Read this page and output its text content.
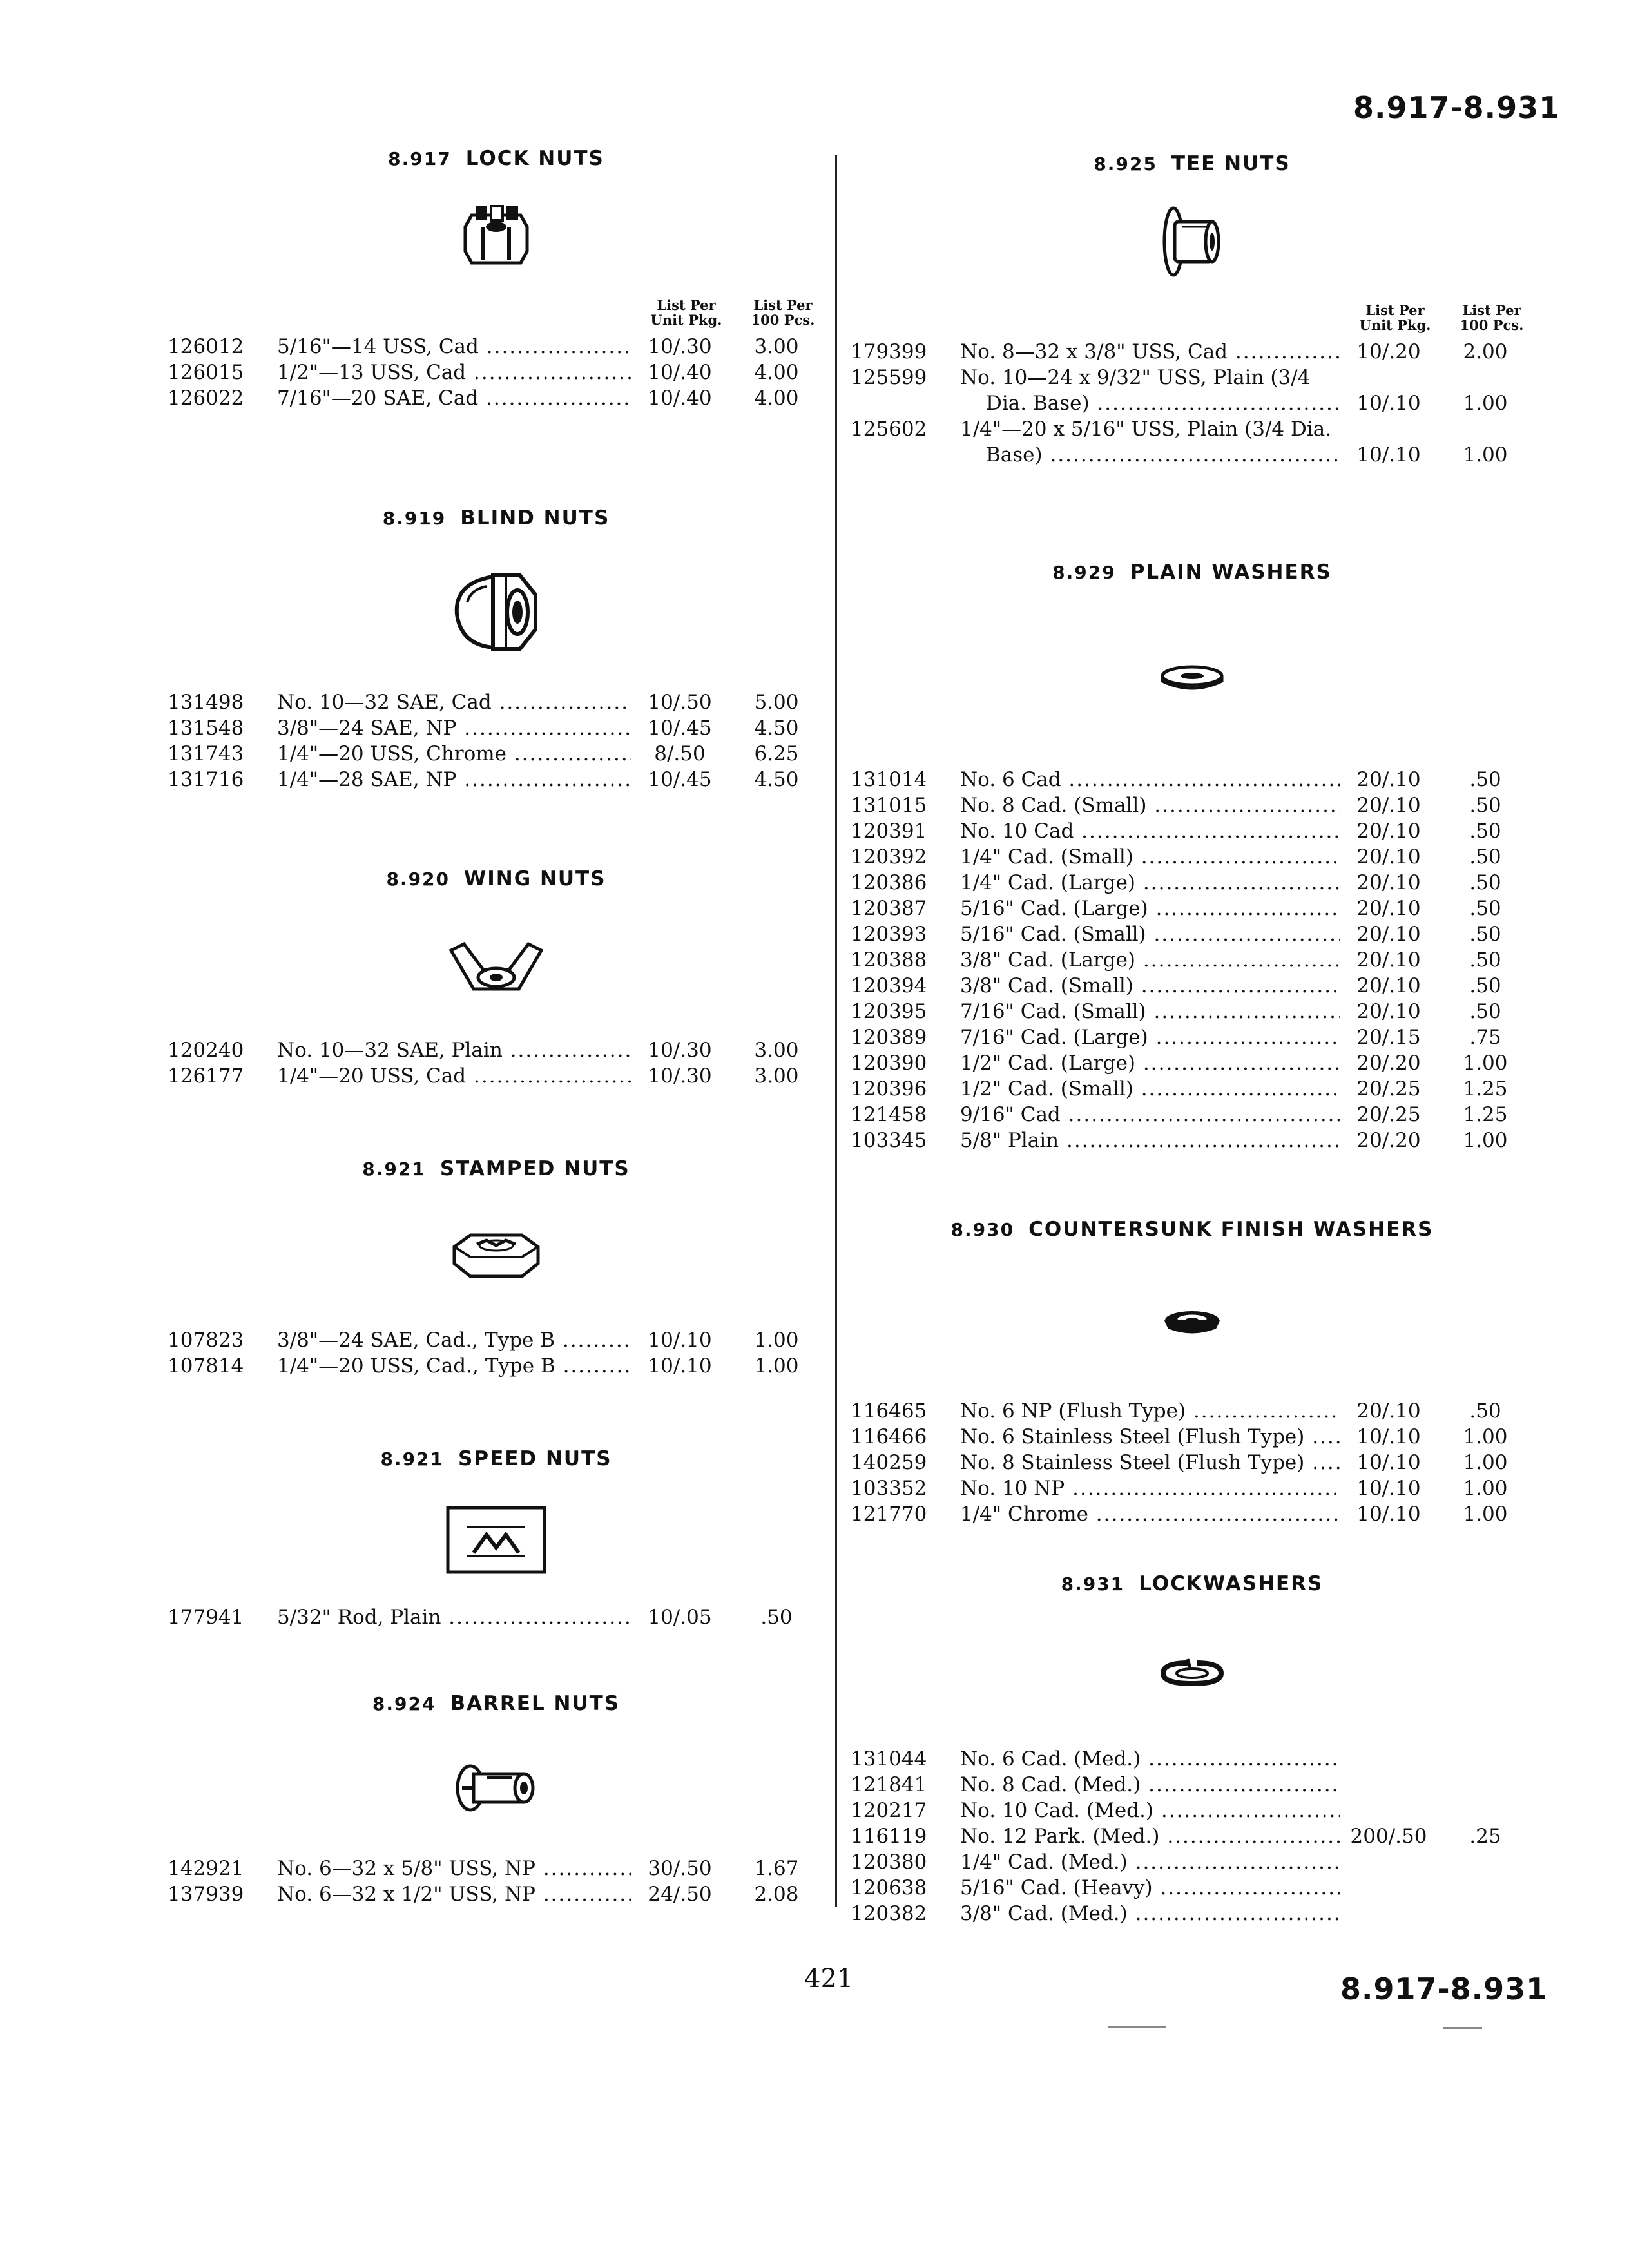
8.917-8.931
8.917 LOCK NUTS
List Per Unit Pkg.
List Per 100 Pcs.
126012	5/16"—14 USS, Cad .....	10/.30	3.00
126015	1/2"—13 USS, Cad .....	10/.40	4.00
126022	7/16"—20 SAE, Cad .....	10/.40	4.00
8.919 BLIND NUTS
131498	No. 10—32 SAE, Cad .....	10/.50	5.00
131548	3/8"—24 SAE, NP .....	10/.45	4.50
131743	1/4"—20 USS, Chrome .....	8/.50	6.25
131716	1/4"—28 SAE, NP .....	10/.45	4.50
8.920 WING NUTS
120240	No. 10—32 SAE, Plain .....	10/.30	3.00
126177	1/4"—20 USS, Cad .....	10/.30	3.00
8.921 STAMPED NUTS
107823	3/8"—24 SAE, Cad., Type B .....	10/.10	1.00
107814	1/4"—20 USS, Cad., Type B .....	10/.10	1.00
8.921 SPEED NUTS
177941	5/32" Rod, Plain .....	10/.05	.50
8.924 BARREL NUTS
142921	No. 6—32 x 5/8" USS, NP .....	30/.50	1.67
137939	No. 6—32 x 1/2" USS, NP .....	24/.50	2.08
8.925 TEE NUTS
List Per Unit Pkg.
List Per 100 Pcs.
179399	No. 8—32 x 3/8" USS, Cad .....	10/.20	2.00
125599	No. 10—24 x 9/32" USS, Plain (3/4
Dia. Base) .....	10/.10	1.00
125602	1/4"—20 x 5/16" USS, Plain (3/4 Dia.
Base) .....	10/.10	1.00
8.929 PLAIN WASHERS
131014	No. 6 Cad .....	20/.10	.50
131015	No. 8 Cad. (Small) .....	20/.10	.50
120391	No. 10 Cad .....	20/.10	.50
120392	1/4" Cad. (Small) .....	20/.10	.50
120386	1/4" Cad. (Large) .....	20/.10	.50
120387	5/16" Cad. (Large) .....	20/.10	.50
120393	5/16" Cad. (Small) .....	20/.10	.50
120388	3/8" Cad. (Large) .....	20/.10	.50
120394	3/8" Cad. (Small) .....	20/.10	.50
120395	7/16" Cad. (Small) .....	20/.10	.50
120389	7/16" Cad. (Large) .....	20/.15	.75
120390	1/2" Cad. (Large) .....	20/.20	1.00
120396	1/2" Cad. (Small) .....	20/.25	1.25
121458	9/16" Cad .....	20/.25	1.25
103345	5/8" Plain .....	20/.20	1.00
8.930 COUNTERSUNK FINISH WASHERS
116465	No. 6 NP (Flush Type) .....	20/.10	.50
116466	No. 6 Stainless Steel (Flush Type) .....	10/.10	1.00
140259	No. 8 Stainless Steel (Flush Type) .....	10/.10	1.00
103352	No. 10 NP .....	10/.10	1.00
121770	1/4" Chrome .....	10/.10	1.00
8.931 LOCKWASHERS
131044	No. 6 Cad. (Med.) .....
121841	No. 8 Cad. (Med.) .....
120217	No. 10 Cad. (Med.) .....
116119	No. 12 Park. (Med.) .....	200/.50	.25
120380	1/4" Cad. (Med.) .....
120638	5/16" Cad. (Heavy) .....
120382	3/8" Cad. (Med.) .....
421	8.917-8.931
